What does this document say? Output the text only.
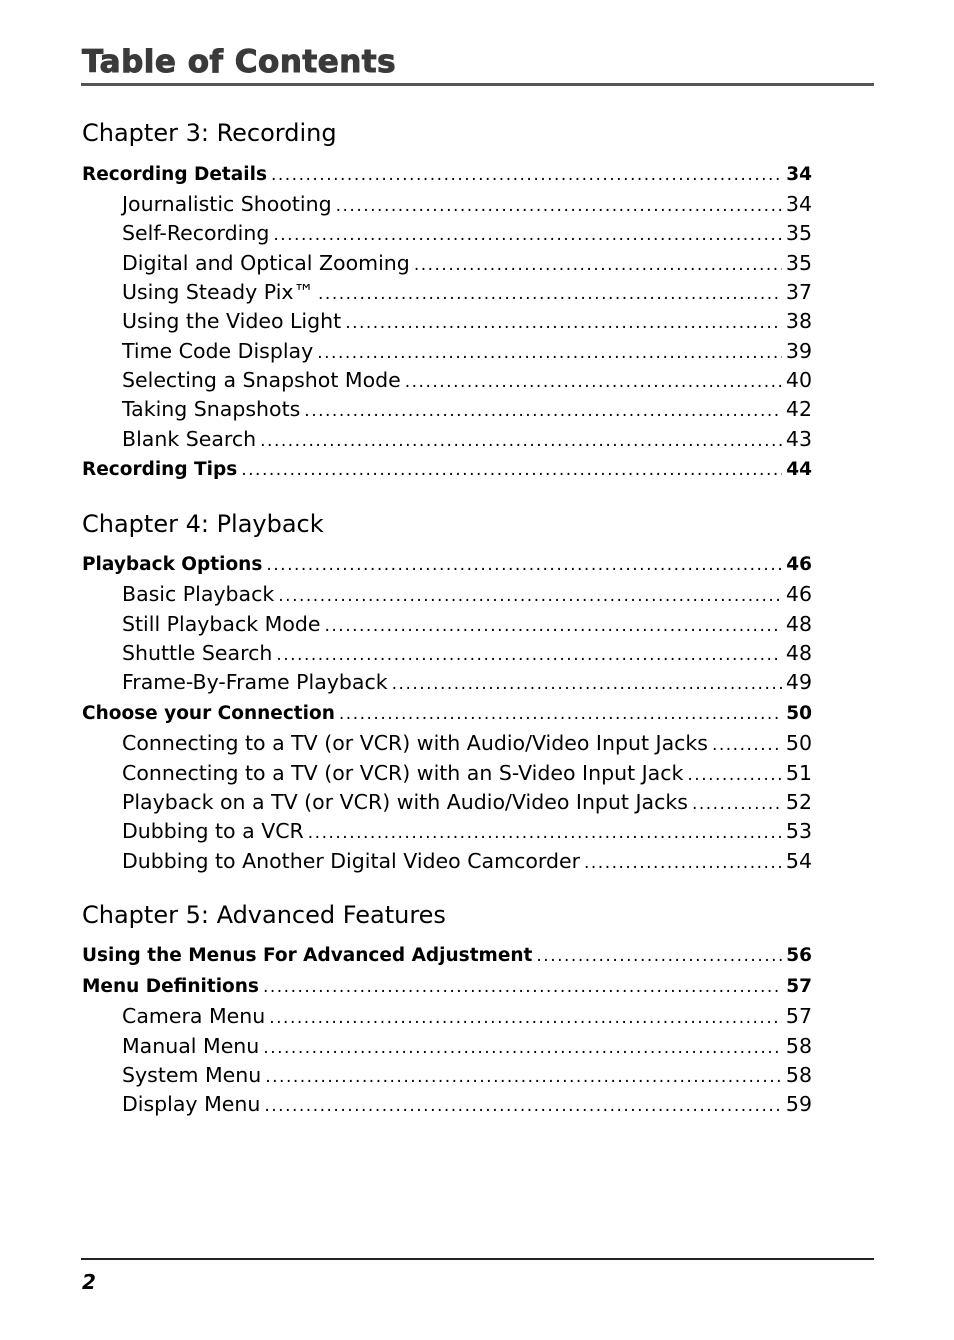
Table of Contents
Chapter 3: Recording
Recording Details .....	34
Journalistic Shooting .....	34
Self-Recording .....	35
Digital and Optical Zooming .....	35
Using Steady Pix™ .....	37
Using the Video Light .....	38
Time Code Display .....	39
Selecting a Snapshot Mode .....	40
Taking Snapshots .....	42
Blank Search .....	43
Recording Tips .....	44
Chapter 4: Playback
Playback Options .....	46
Basic Playback .....	46
Still Playback Mode .....	48
Shuttle Search .....	48
Frame-By-Frame Playback .....	49
Choose your Connection .....	50
Connecting to a TV (or VCR) with Audio/Video Input Jacks .....	50
Connecting to a TV (or VCR) with an S-Video Input Jack .....	51
Playback on a TV (or VCR) with Audio/Video Input Jacks .....	52
Dubbing to a VCR .....	53
Dubbing to Another Digital Video Camcorder .....	54
Chapter 5: Advanced Features
Using the Menus For Advanced Adjustment .....	56
Menu Definitions .....	57
Camera Menu .....	57
Manual Menu .....	58
System Menu .....	58
Display Menu .....	59
2
